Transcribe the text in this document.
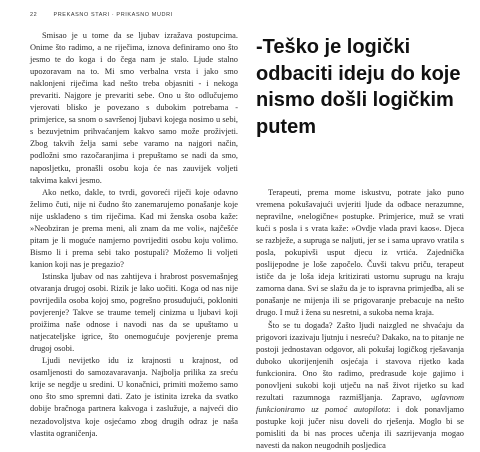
22	PREKASNO STARI · PRIKASNO MUDRI

Smisao je u tome da se ljubav izražava postupcima. Onime što radimo, a ne riječima, iznova definiramo ono što jesmo te do koga i do čega nam je stalo. Ljude stalno upozoravam na to. Mi smo verbalna vrsta i jako smo naklonjeni riječima kad nešto treba objasniti - i nekoga prevariti. Najgore je prevariti sebe. Ono u što odlučujemo vjerovati blisko je povezano s dubokim potrebama - primjerice, sa snom o savršenoj ljubavi kojega nosimo u sebi, s bezuvjetnim prihvaćanjem kakvo samo može proživjeti. Zbog takvih želja sami sebe varamo na najgori način, podložni smo razočaranjima i prepuštamo se nadi da smo, naposljetku, pronašli osobu koja će nas zauvijek voljeti takvima kakvi jesmo.

Ako netko, dakle, to tvrdi, govoreći riječi koje odavno želimo čuti, nije ni čudno što zanemarujemo ponašanje koje nije usklađeno s tim riječima. Kad mi ženska osoba kaže: »Neobziran je prema meni, ali znam da me voli«, najčešće pitam je li moguće namjerno povrijediti osobu koju volimo. Bismo li i prema sebi tako postupali? Možemo li voljeti kanion koji nas je pregazio?

Istinska ljubav od nas zahtijeva i hrabrost posvemašnjeg otvaranja drugoj osobi. Rizik je lako uočiti. Koga od nas nije povrijedila osoba kojoj smo, pogrešno prosuđujući, pokloniti povjerenje? Takve se traume temelj cinizma u ljubavi koji proižima naše odnose i navodi nas da se upuštamo u natjecateljske igrice, što onemogućuje povjerenje prema drugoj osobi.

Ljudi nevijetko idu iz krajnosti u krajnost, od osamljenosti do samozavaravanja. Najbolja prilika za sreću krije se negdje u sredini. U konačnici, primiti možemo samo ono što smo spremni dati. Zato je istinita izreka da svatko dobije bračnoga partnera kakvoga i zaslužuje, a najveći dio nezadovoljstva koje osjećamo zbog drugih odraz je naša vlastita ograničenja.

-Teško je logički odbaciti ideju do koje nismo došli logičkim putem

Terapeuti, prema mome iskustvu, potrate jako puno vremena pokušavajući uvjeriti ljude da odbace nerazumne, nepravilne, »nelogične« postupke. Primjerice, muž se vrati kući s posla i s vrata kaže: »Ovdje vlada pravi kaos«. Djeca se razbježe, a supruga se naljuti, jer se i sama upravo vratila s posla, pokupivši usput djecu iz vrtića. Zajednička poslijepodne je loše započelo. Čuvši takvu priču, terapeut ističe da je loša ideja kritizirati ustornu suprugu na kraju zamorna dana. Svi se slažu da je to ispravna primjedba, ali se ponašanje ne mijenja ili se prigovaranje prebacuje na nešto drugo. I muž i žena su nesretni, a sukoba nema kraja.

Što se tu događa? Zašto ljudi naizgled ne shvaćaju da prigovori izazivaju ljutnju i nesreću? Dakako, na to pitanje ne postoji jednostavan odgovor, ali pokušaj logičkog rješavanja duboko ukorijenjenih osjećaja i stavova rijetko kada funkcionira. Ono što radimo, predrasude koje gajimo i ponovljeni sukobi koji utječu na naš život rijetko su kad rezultati razumnoga razmišljanja. Zapravo, uglavnom funkcioniramo uz pomoć autopilota: i dok ponavljamo postupke koji jučer nisu doveli do rješenja. Moglo bi se pomisliti da bi nas proces učenja ili sazrijevanja mogao navesti da nakon neugodnih posljedica
